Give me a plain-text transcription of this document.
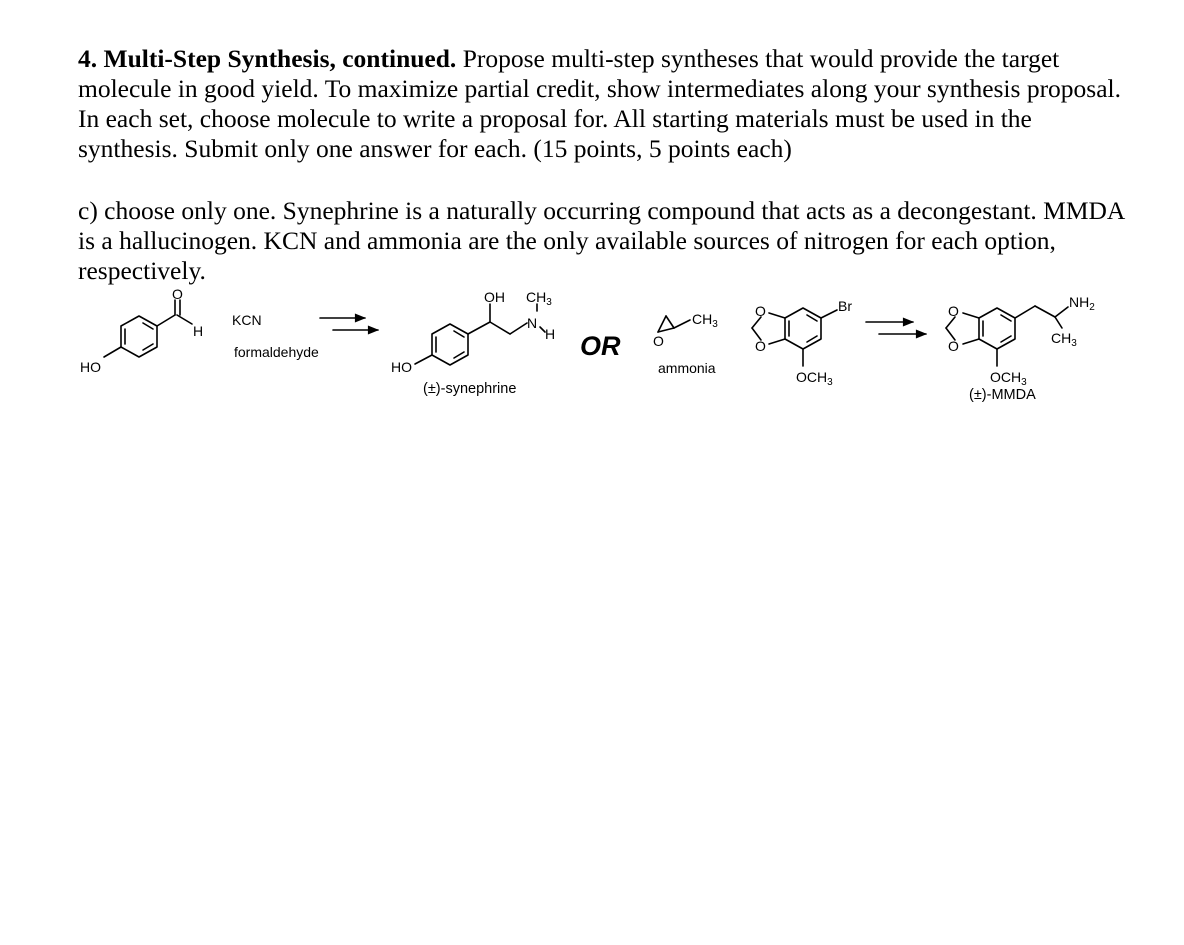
4. Multi-Step Synthesis, continued. Propose multi-step syntheses that would provide the target molecule in good yield. To maximize partial credit, show intermediates along your synthesis proposal. In each set, choose molecule to write a proposal for. All starting materials must be used in the synthesis. Submit only one answer for each. (15 points, 5 points each)
c) choose only one. Synephrine is a naturally occurring compound that acts as a decongestant. MMDA is a hallucinogen. KCN and ammonia are the only available sources of nitrogen for each option, respectively.
HO
O
H
KCN
formaldehyde
HO
OH $CH_3$
N
H
(±)-synephrine
OR O
$CH_3$
ammonia
O
O
Br
$OCH_3$
O
O
$NH_2$
$CH_3$
$OCH_3$
(±)-MMDA
